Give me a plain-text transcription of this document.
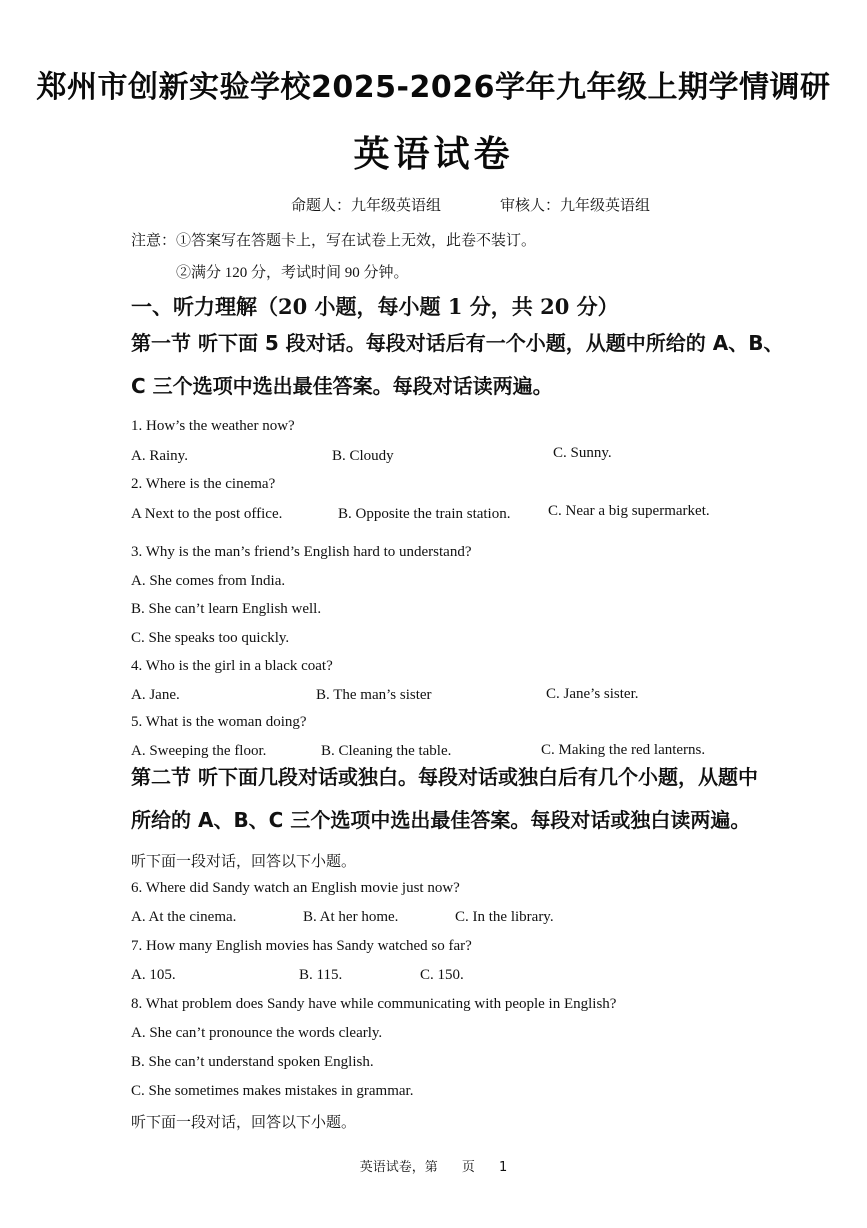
郑州市创新实验学校2025-2026学年九年级上期学情调研
英语试卷
命题人：九年级英语组	审核人：九年级英语组
注意：①答案写在答题卡上，写在试卷上无效，此卷不装订。
②满分 120 分，考试时间 90 分钟。
一、听力理解（20 小题，每小题 1 分，共 20 分）
第一节 听下面 5 段对话。每段对话后有一个小题，从题中所给的 A、B、
C 三个选项中选出最佳答案。每段对话读两遍。
1. How’s the weather now?
A. Rainy.	B. Cloudy	C. Sunny.
2. Where is the cinema?
A Next to the post office.	B. Opposite the train station.	C. Near a big supermarket.
3. Why is the man’s friend’s English hard to understand?
A. She comes from India.
B. She can’t learn English well.
C. She speaks too quickly.
4. Who is the girl in a black coat?
A. Jane.	B. The man’s sister	C. Jane’s sister.
5. What is the woman doing?
A. Sweeping the floor.	B. Cleaning the table.	C. Making the red lanterns.
第二节 听下面几段对话或独白。每段对话或独白后有几个小题，从题中
所给的 A、B、C 三个选项中选出最佳答案。每段对话或独白读两遍。
听下面一段对话，回答以下小题。
6. Where did Sandy watch an English movie just now?
A. At the cinema.	B. At her home.	C. In the library.
7. How many English movies has Sandy watched so far?
A. 105.	B. 115.	C. 150.
8. What problem does Sandy have while communicating with people in English?
A. She can’t pronounce the words clearly.
B. She can’t understand spoken English.
C. She sometimes makes mistakes in grammar.
听下面一段对话，回答以下小题。
英语试卷，第 页 1
